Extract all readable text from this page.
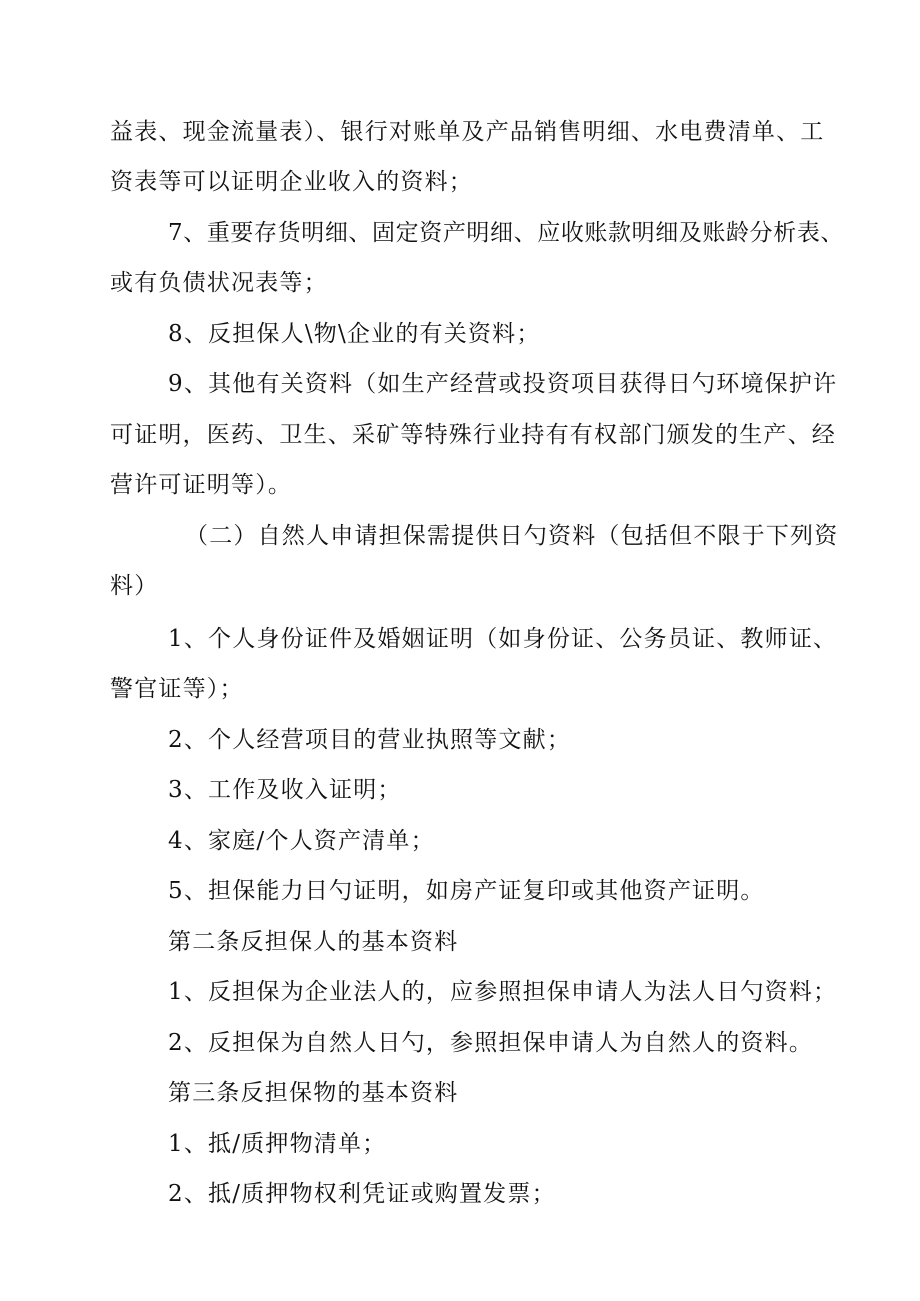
益表、现金流量表）、银行对账单及产品销售明细、水电费清单、工
资表等可以证明企业收入的资料；
7、重要存货明细、固定资产明细、应收账款明细及账龄分析表、
或有负债状况表等；
8、反担保人\物\企业的有关资料；
9、其他有关资料（如生产经营或投资项目获得日勺环境保护许
可证明，医药、卫生、采矿等特殊行业持有有权部门颁发的生产、经
营许可证明等）。
（二）自然人申请担保需提供日勺资料（包括但不限于下列资
料）
1、个人身份证件及婚姻证明（如身份证、公务员证、教师证、
警官证等）；
2、个人经营项目的营业执照等文献；
3、工作及收入证明；
4、家庭/个人资产清单；
5、担保能力日勺证明，如房产证复印或其他资产证明。
第二条反担保人的基本资料
1、反担保为企业法人的，应参照担保申请人为法人日勺资料；
2、反担保为自然人日勺，参照担保申请人为自然人的资料。
第三条反担保物的基本资料
1、抵/质押物清单；
2、抵/质押物权利凭证或购置发票；
